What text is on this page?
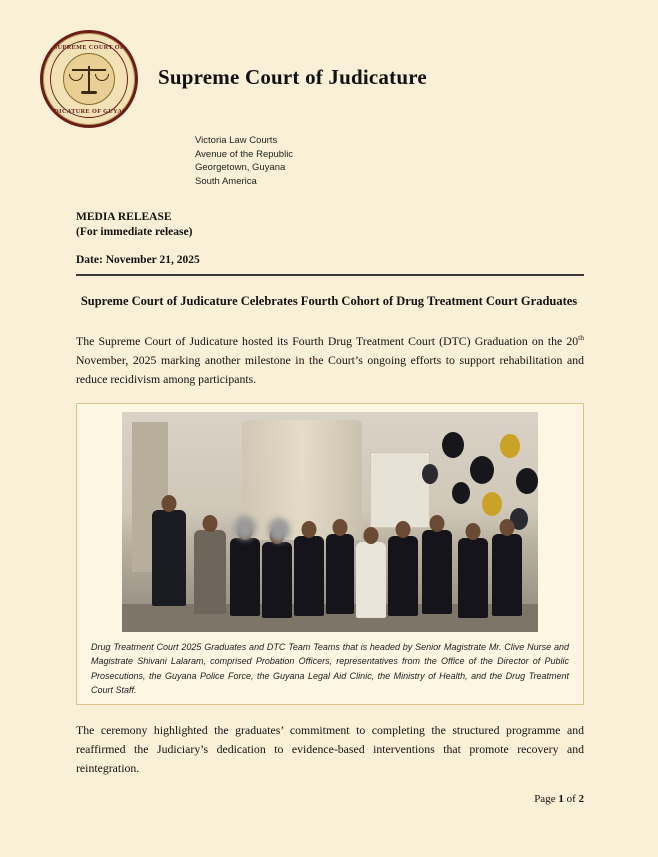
SUPREME COURT OF
JUDICATURE OF GUYANA
Supreme Court of Judicature
Victoria Law Courts
Avenue of the Republic
Georgetown, Guyana
South America
MEDIA RELEASE
(For immediate release)
Date: November 21, 2025
Supreme Court of Judicature Celebrates Fourth Cohort of Drug Treatment Court Graduates
The Supreme Court of Judicature hosted its Fourth Drug Treatment Court (DTC) Graduation on the 20th November, 2025 marking another milestone in the Court’s ongoing efforts to support rehabilitation and reduce recidivism among participants.
Drug Treatment Court 2025 Graduates and DTC Team Teams that is headed by Senior Magistrate Mr. Clive Nurse and Magistrate Shivani Lalaram, comprised Probation Officers, representatives from the Office of the Director of Public Prosecutions, the Guyana Police Force, the Guyana Legal Aid Clinic, the Ministry of Health, and the Drug Treatment Court Staff.
The ceremony highlighted the graduates’ commitment to completing the structured programme and reaffirmed the Judiciary’s dedication to evidence-based interventions that promote recovery and reintegration.
Page 1 of 2
